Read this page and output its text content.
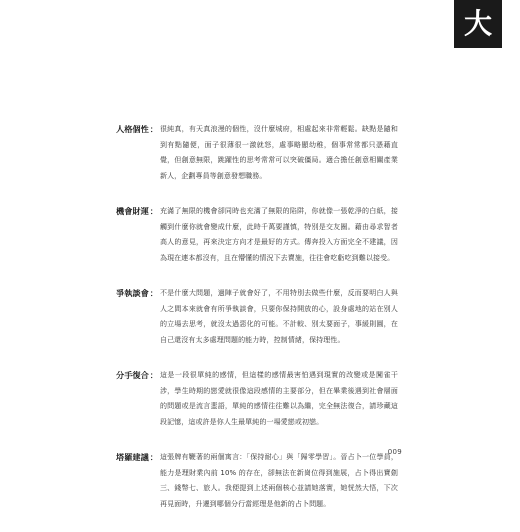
大
人格個性 ： 很純真，有天真浪漫的個性，沒什麼城府，相處起來非常輕鬆。缺點是隨和到有點隨便，面子很薄很一激就怒，處事略顯幼稚，個事常常都只憑藉直覺，但創意無限，跳躍性的思考常常可以突破僵局。適合擔任創意相關產業新人，企劃專員等創意發想職務。
機會財運 ： 充滿了無限的機會卻同時也充滿了無限的陷阱，你就像一張乾淨的白紙，接觸到什麼你就會變成什麼，此時千萬要謹慎，特別是交友圈。藉由尋求智者高人的意見，再來決定方向才是最好的方式。傳奔投入方面完全不建議，因為現在連本都沒有，且在懵懂的情況下去賣施，往往會吃虧吃到難以接受。
爭執談會 ： 不是什麼大問題，過陣子就會好了，不用特別去做些什麼，反而要明白人與人之間本來就會有所爭執談會，只要你保持開放的心，設身處地的站在別人的立場去思考，就沒太過惡化的可能。不計較、別太要面子，事緩則圓，在自己還沒有太多處理問題的能力時，控制情緒，保持理性。
分手復合 ： 這是一段很單純的感情，但這樣的感情最害怕遇到現實的改變或是闖雀干涉，學生時期的戀愛就很像這段感情的主要部分，但在畢業後遇到社會層面的問題或是流言蜚語，單純的感情往往難以為繼，完全無法復合，請珍藏這段記憶，這或許是你人生最單純的一場愛戀或初戀。
塔羅建議 ： 這張牌有鞭著的兩個寓言：「保持耐心」與「歸零學習」。晉占卜一位學員，能力是理財業內前 10% 的存在，卻無法在新崗位得到施展，占卜得出寶劍三、錢幣七、旅人。我便提到上述兩個核心並請她落實，她恍然大悟，下次再見面時，升遷到哪個分行當經理是他新的占卜問題。
009
